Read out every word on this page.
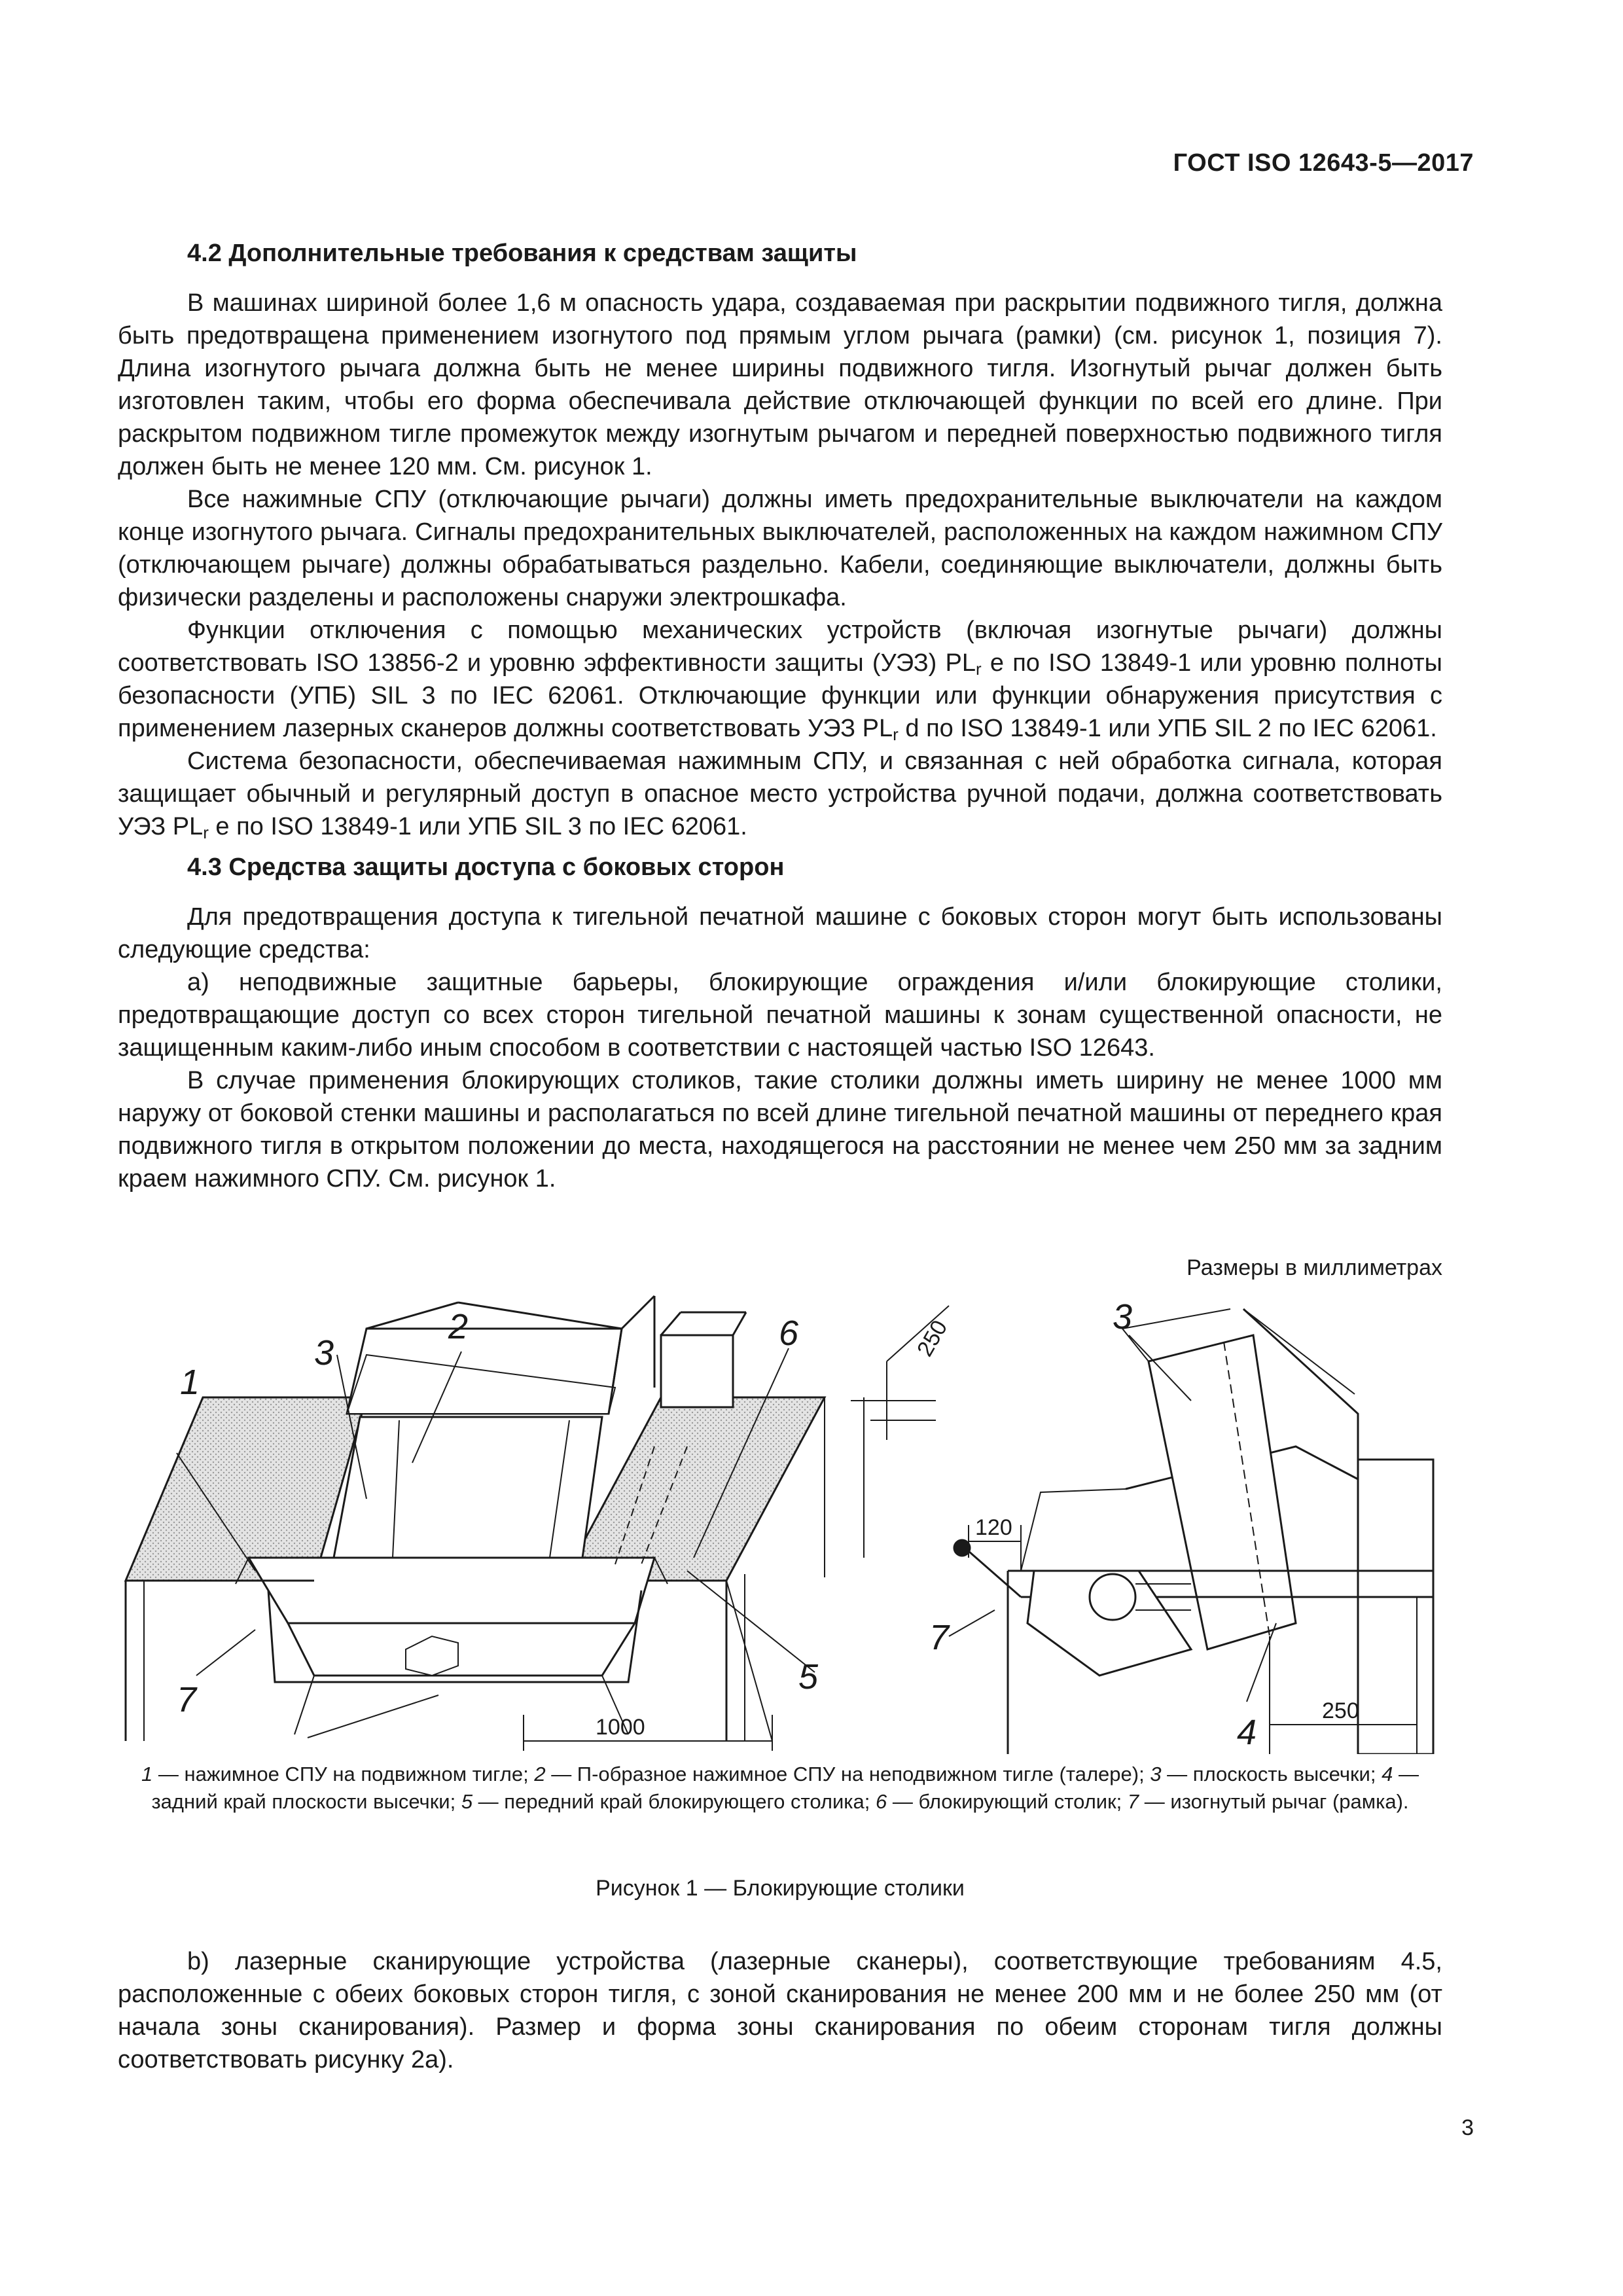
ГОСТ ISO 12643-5—2017

4.2 Дополнительные требования к средствам защиты

В машинах шириной более 1,6 м опасность удара, создаваемая при раскрытии подвижного тигля, должна быть предотвращена применением изогнутого под прямым углом рычага (рамки) (см. рисунок 1, позиция 7). Длина изогнутого рычага должна быть не менее ширины подвижного тигля. Изогнутый рычаг должен быть изготовлен таким, чтобы его форма обеспечивала действие отключающей функции по всей его длине. При раскрытом подвижном тигле промежуток между изогнутым рычагом и передней поверхностью подвижного тигля должен быть не менее 120 мм. См. рисунок 1.

Все нажимные СПУ (отключающие рычаги) должны иметь предохранительные выключатели на каждом конце изогнутого рычага. Сигналы предохранительных выключателей, расположенных на каждом нажимном СПУ (отключающем рычаге) должны обрабатываться раздельно. Кабели, соединяющие выключатели, должны быть физически разделены и расположены снаружи электрошкафа.

Функции отключения с помощью механических устройств (включая изогнутые рычаги) должны соответствовать ISO 13856-2 и уровню эффективности защиты (УЭЗ) $PL_r$ e по ISO 13849-1 или уровню полноты безопасности (УПБ) SIL 3 по IEC 62061. Отключающие функции или функции обнаружения присутствия с применением лазерных сканеров должны соответствовать УЭЗ $PL_r$ d по ISO 13849-1 или УПБ SIL 2 по IEC 62061.

Система безопасности, обеспечиваемая нажимным СПУ, и связанная с ней обработка сигнала, которая защищает обычный и регулярный доступ в опасное место устройства ручной подачи, должна соответствовать УЭЗ $PL_r$ e по ISO 13849-1 или УПБ SIL 3 по IEC 62061.

4.3 Средства защиты доступа с боковых сторон

Для предотвращения доступа к тигельной печатной машине с боковых сторон могут быть использованы следующие средства:

a) неподвижные защитные барьеры, блокирующие ограждения и/или блокирующие столики, предотвращающие доступ со всех сторон тигельной печатной машины к зонам существенной опасности, не защищенным каким-либо иным способом в соответствии с настоящей частью ISO 12643.

В случае применения блокирующих столиков, такие столики должны иметь ширину не менее 1000 мм наружу от боковой стенки машины и располагаться по всей длине тигельной печатной машины от переднего края подвижного тигля в открытом положении до места, находящегося на расстоянии не менее чем 250 мм за задним краем нажимного СПУ. См. рисунок 1.

Размеры в миллиметрах
1
2
3	6
5
7
250
1000
3
4
7
120
250
1 — нажимное СПУ на подвижном тигле; 2 — П-образное нажимное СПУ на неподвижном тигле (талере); 3 — плоскость высечки; 4 — задний край плоскости высечки; 5 — передний край блокирующего столика; 6 — блокирующий столик; 7 — изогнутый рычаг (рамка).
Рисунок 1 — Блокирующие столики

b) лазерные сканирующие устройства (лазерные сканеры), соответствующие требованиям 4.5, расположенные с обеих боковых сторон тигля, с зоной сканирования не менее 200 мм и не более 250 мм (от начала зоны сканирования). Размер и форма зоны сканирования по обеим сторонам тигля должны соответствовать рисунку 2а).

3
